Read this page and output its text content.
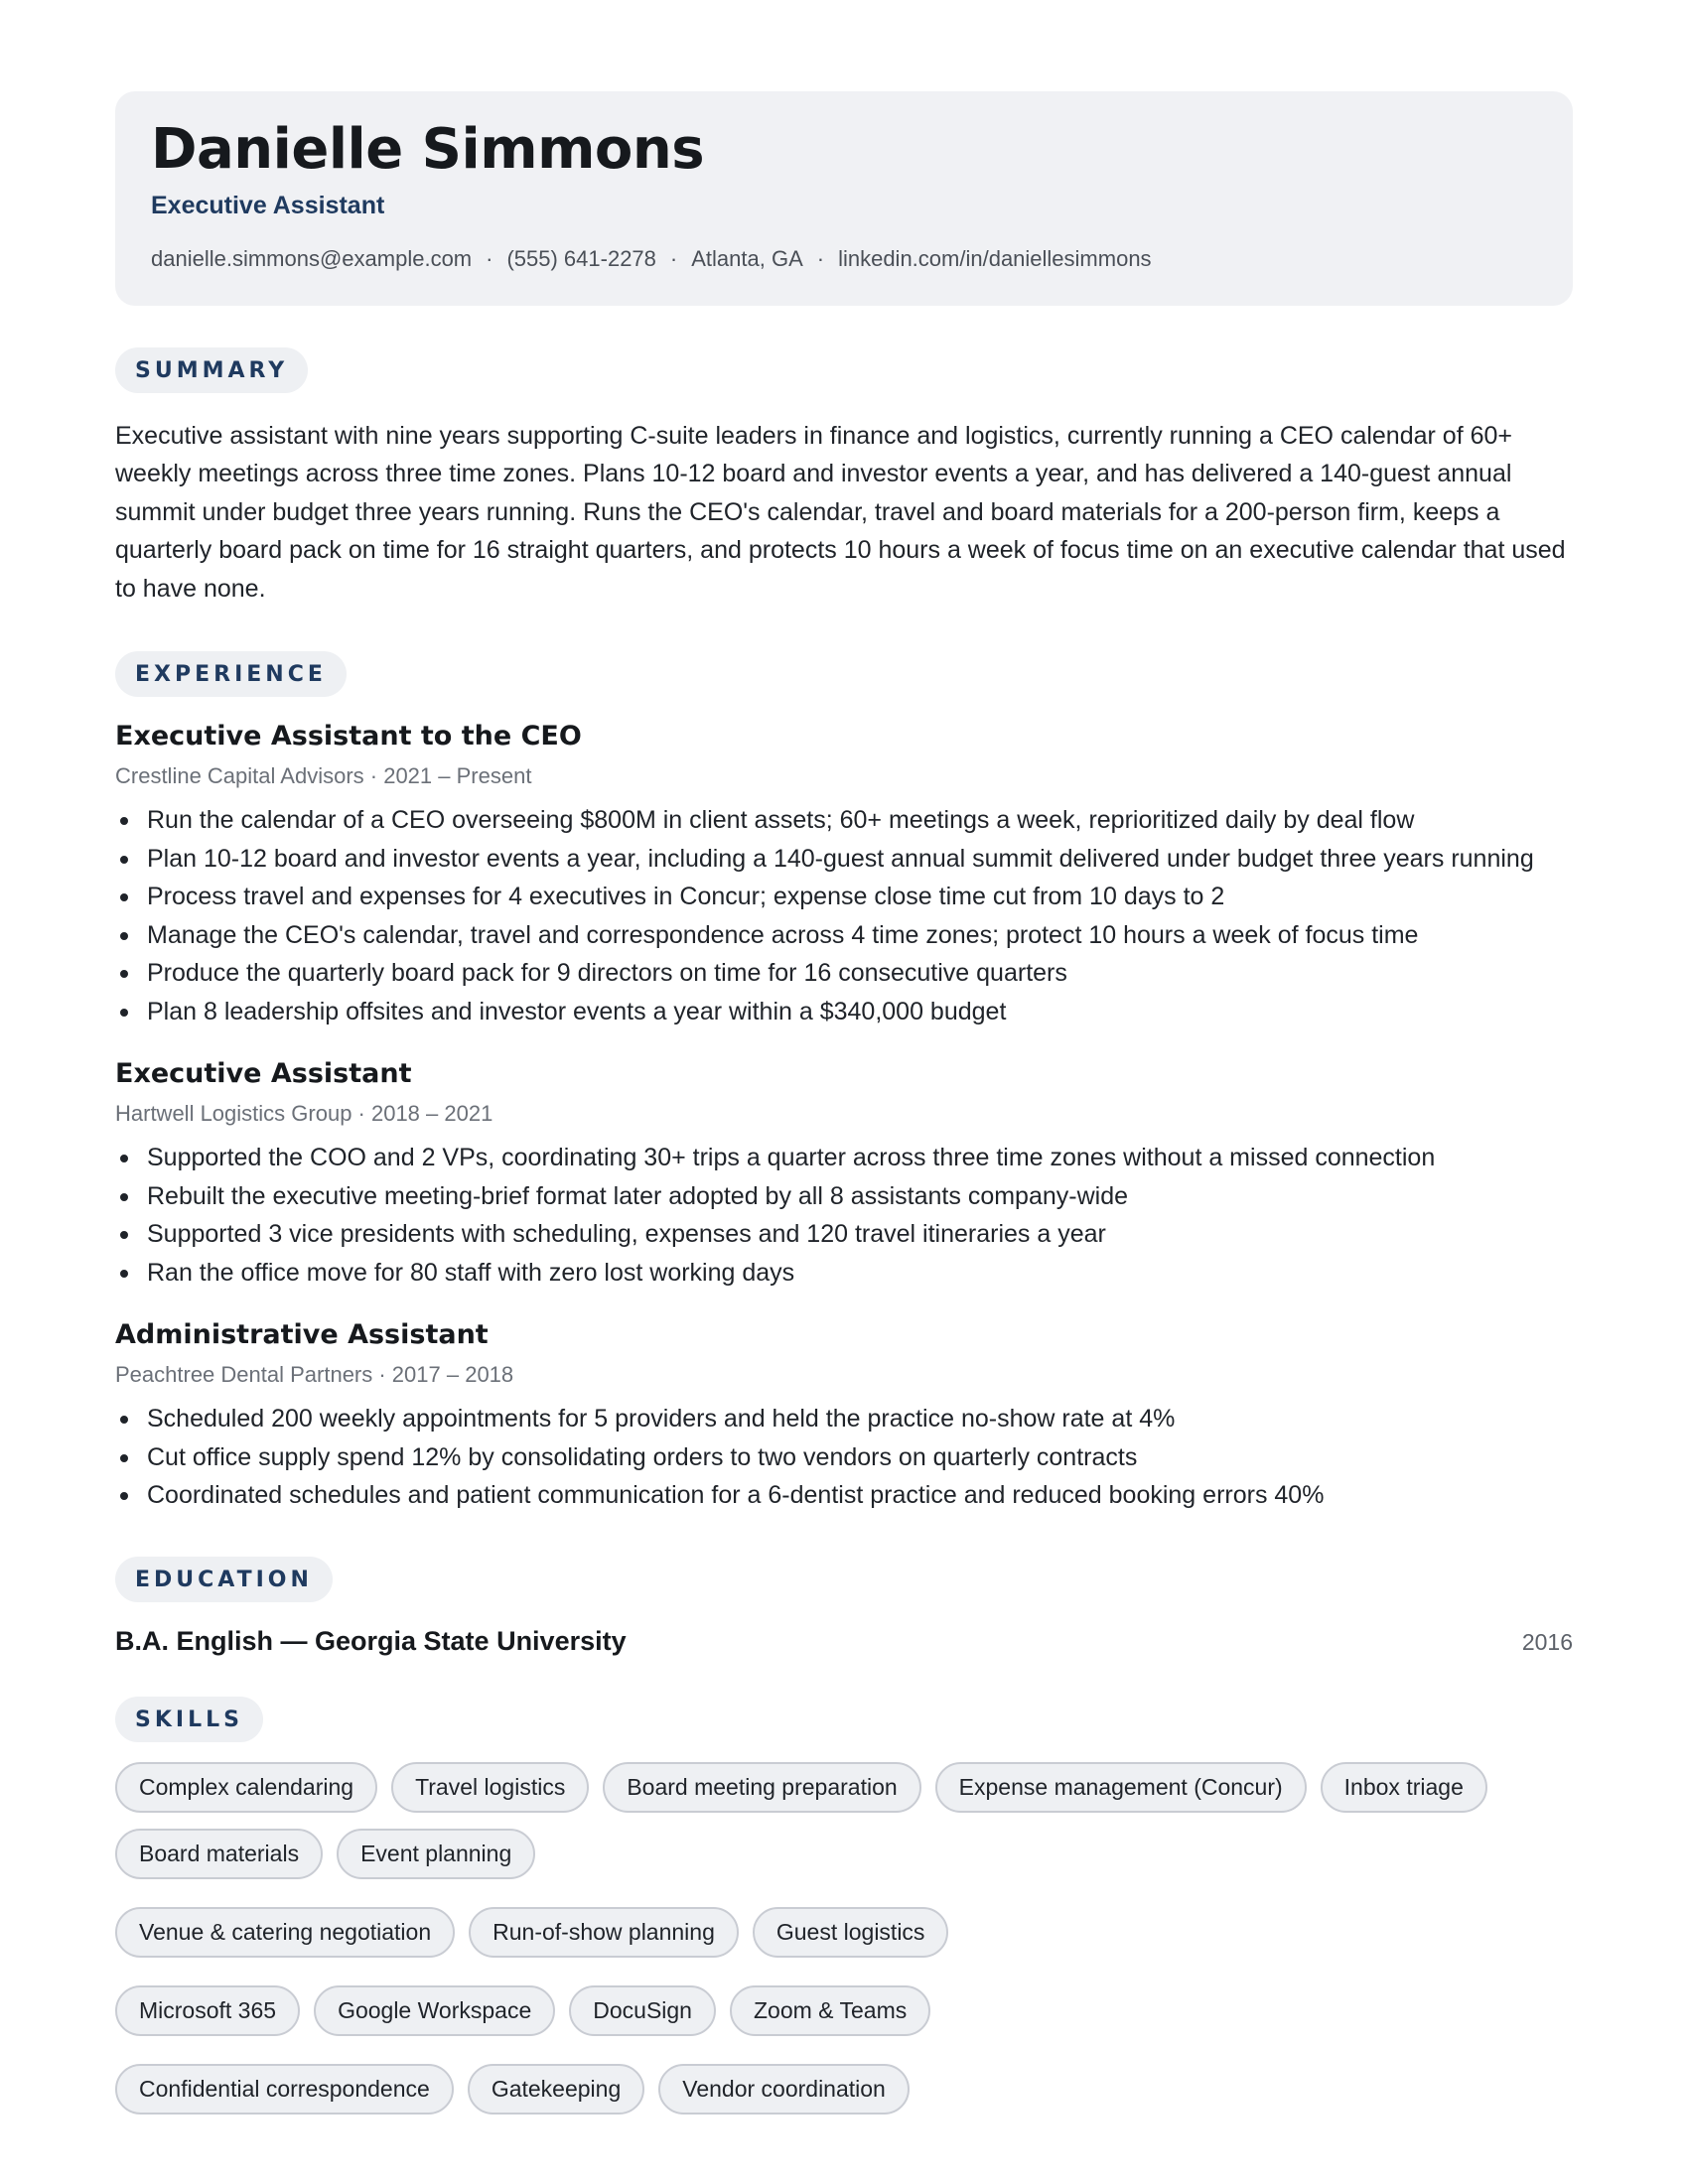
Danielle Simmons
Executive Assistant
danielle.simmons@example.com · (555) 641-2278 · Atlanta, GA · linkedin.com/in/daniellesimmons
SUMMARY

Executive assistant with nine years supporting C-suite leaders in finance and logistics, currently running a CEO calendar of 60+ weekly meetings across three time zones. Plans 10-12 board and investor events a year, and has delivered a 140-guest annual summit under budget three years running. Runs the CEO's calendar, travel and board materials for a 200-person firm, keeps a quarterly board pack on time for 16 straight quarters, and protects 10 hours a week of focus time on an executive calendar that used to have none.

EXPERIENCE
Executive Assistant to the CEO
Crestline Capital Advisors · 2021 – Present
Run the calendar of a CEO overseeing $800M in client assets; 60+ meetings a week, reprioritized daily by deal flow
Plan 10-12 board and investor events a year, including a 140-guest annual summit delivered under budget three years running
Process travel and expenses for 4 executives in Concur; expense close time cut from 10 days to 2
Manage the CEO's calendar, travel and correspondence across 4 time zones; protect 10 hours a week of focus time
Produce the quarterly board pack for 9 directors on time for 16 consecutive quarters
Plan 8 leadership offsites and investor events a year within a $340,000 budget
Executive Assistant
Hartwell Logistics Group · 2018 – 2021
Supported the COO and 2 VPs, coordinating 30+ trips a quarter across three time zones without a missed connection
Rebuilt the executive meeting-brief format later adopted by all 8 assistants company-wide
Supported 3 vice presidents with scheduling, expenses and 120 travel itineraries a year
Ran the office move for 80 staff with zero lost working days
Administrative Assistant
Peachtree Dental Partners · 2017 – 2018
Scheduled 200 weekly appointments for 5 providers and held the practice no-show rate at 4%
Cut office supply spend 12% by consolidating orders to two vendors on quarterly contracts
Coordinated schedules and patient communication for a 6-dentist practice and reduced booking errors 40%
EDUCATION
B.A. English — Georgia State University	2016
SKILLS
Complex calendaring	Travel logistics	Board meeting preparation	Expense management (Concur)	Inbox triage
Board materials	Event planning
Venue & catering negotiation	Run-of-show planning	Guest logistics
Microsoft 365	Google Workspace	DocuSign	Zoom & Teams
Confidential correspondence	Gatekeeping	Vendor coordination
